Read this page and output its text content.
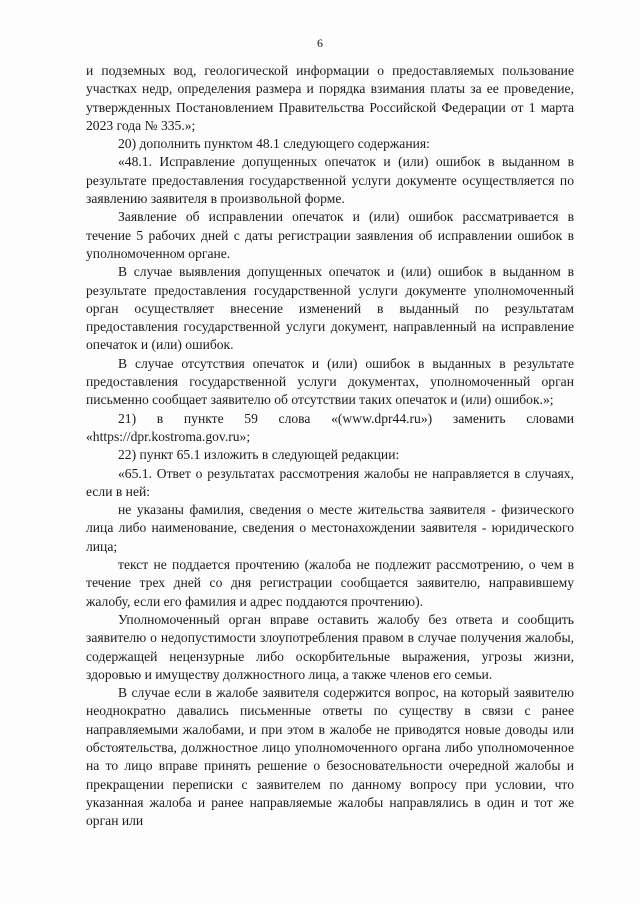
6

и подземных вод, геологической информации о предоставляемых пользование участках недр, определения размера и порядка взимания платы за ее проведение, утвержденных Постановлением Правительства Российской Федерации от 1 марта 2023 года № 335.»;

20) дополнить пунктом 48.1 следующего содержания:

«48.1. Исправление допущенных опечаток и (или) ошибок в выданном в результате предоставления государственной услуги документе осуществляется по заявлению заявителя в произвольной форме.

Заявление об исправлении опечаток и (или) ошибок рассматривается в течение 5 рабочих дней с даты регистрации заявления об исправлении ошибок в уполномоченном органе.

В случае выявления допущенных опечаток и (или) ошибок в выданном в результате предоставления государственной услуги документе уполномоченный орган осуществляет внесение изменений в выданный по результатам предоставления государственной услуги документ, направленный на исправление опечаток и (или) ошибок.

В случае отсутствия опечаток и (или) ошибок в выданных в результате предоставления государственной услуги документах, уполномоченный орган письменно сообщает заявителю об отсутствии таких опечаток и (или) ошибок.»;

21) в пункте 59 слова «(www.dpr44.ru») заменить словами «https://dpr.kostroma.gov.ru»;

22) пункт 65.1 изложить в следующей редакции:

«65.1. Ответ о результатах рассмотрения жалобы не направляется в случаях, если в ней:

не указаны фамилия, сведения о месте жительства заявителя - физического лица либо наименование, сведения о местонахождении заявителя - юридического лица;

текст не поддается прочтению (жалоба не подлежит рассмотрению, о чем в течение трех дней со дня регистрации сообщается заявителю, направившему жалобу, если его фамилия и адрес поддаются прочтению).

Уполномоченный орган вправе оставить жалобу без ответа и сообщить заявителю о недопустимости злоупотребления правом в случае получения жалобы, содержащей нецензурные либо оскорбительные выражения, угрозы жизни, здоровью и имуществу должностного лица, а также членов его семьи.

В случае если в жалобе заявителя содержится вопрос, на который заявителю неоднократно давались письменные ответы по существу в связи с ранее направляемыми жалобами, и при этом в жалобе не приводятся новые доводы или обстоятельства, должностное лицо уполномоченного органа либо уполномоченное на то лицо вправе принять решение о безосновательности очередной жалобы и прекращении переписки с заявителем по данному вопросу при условии, что указанная жалоба и ранее направляемые жалобы направлялись в один и тот же орган или
